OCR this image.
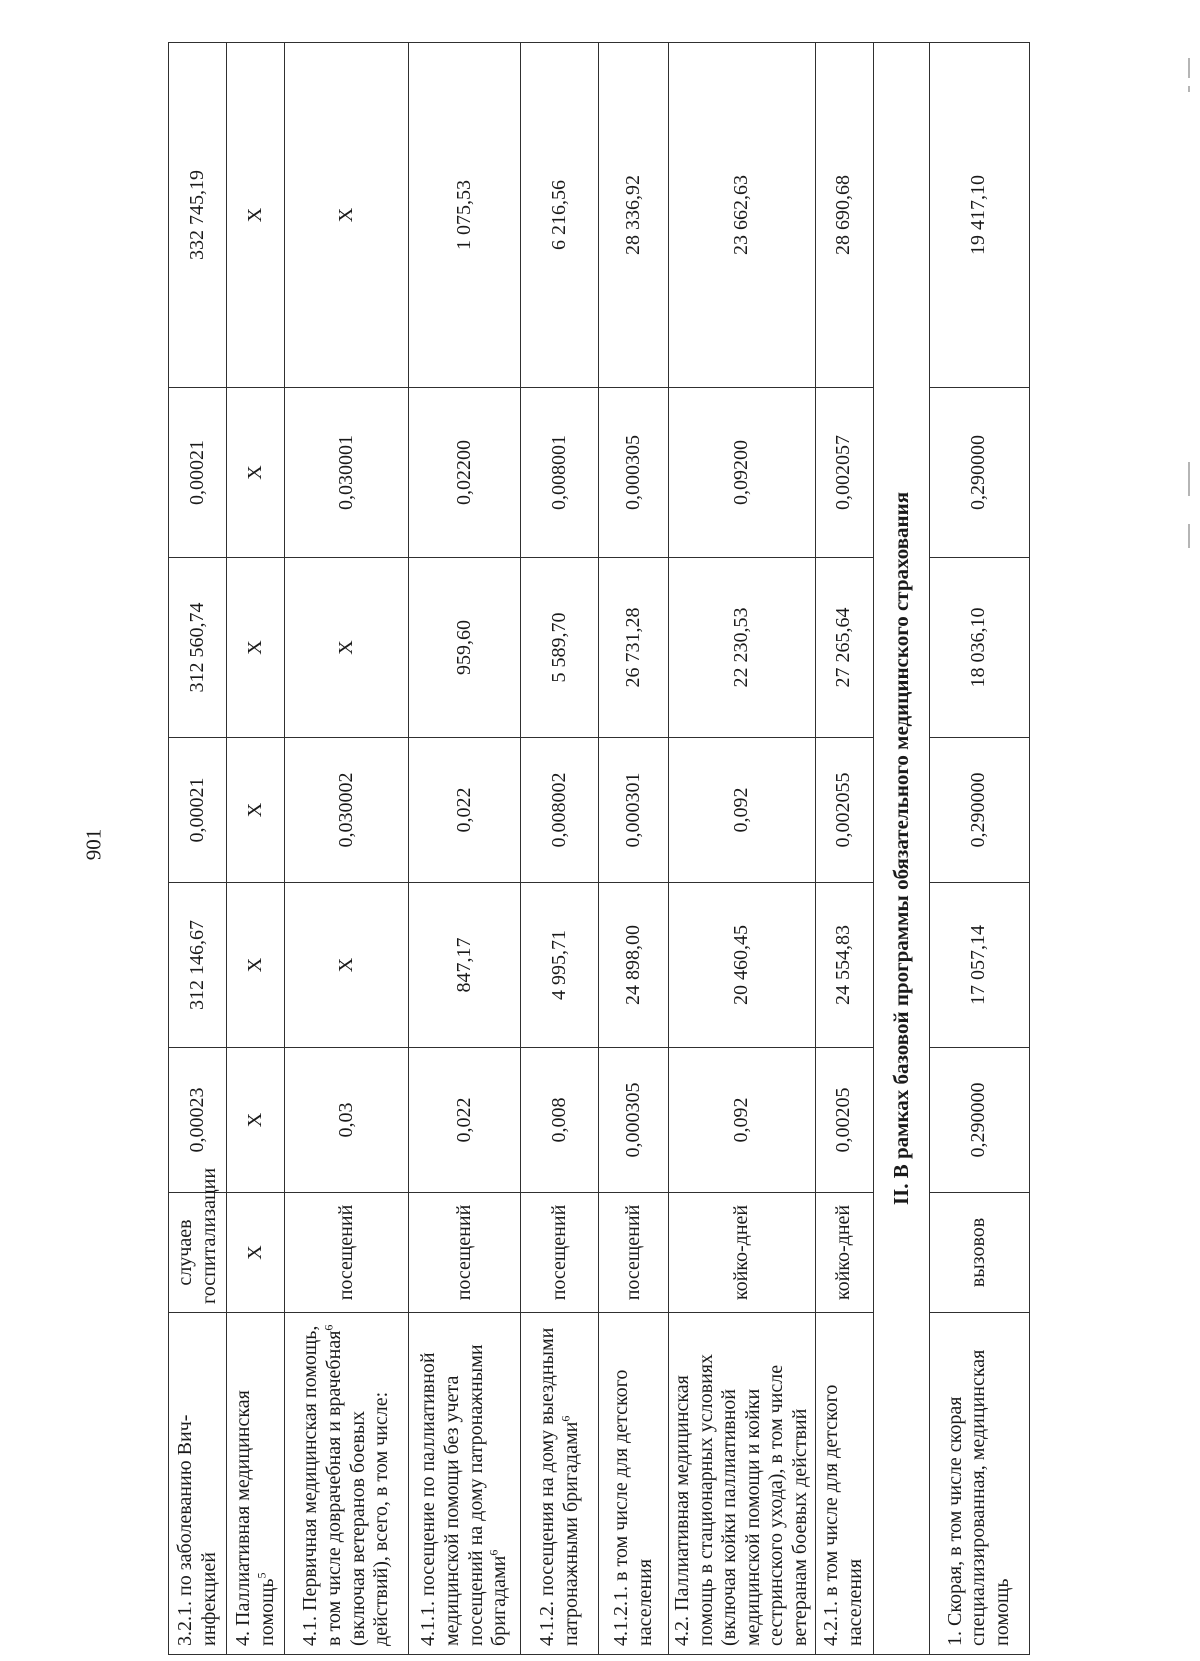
901
3.2.1. по заболеванию Вич-инфекцией	случаев госпитализации	0,00023	312 146,67	0,00021	312 560,74	0,00021	332 745,19
4. Паллиативная медицинская помощь$^5$	X	X	X	X	X	X	X
4.1. Первичная медицинская помощь, в том числе доврачебная и врачебная$^6$ (включая ветеранов боевых действий), всего, в том числе:	посещений	0,03	X	0,030002	X	0,030001	X
4.1.1. посещение по паллиативной медицинской помощи без учета посещений на дому патронажными бригадами$^6$	посещений	0,022	847,17	0,022	959,60	0,02200	1 075,53
4.1.2. посещения на дому выездными патронажными бригадами$^6$	посещений	0,008	4 995,71	0,008002	5 589,70	0,008001	6 216,56
4.1.2.1. в том числе для детского населения	посещений	0,000305	24 898,00	0,000301	26 731,28	0,000305	28 336,92
4.2. Паллиативная медицинская помощь в стационарных условиях (включая койки паллиативной медицинской помощи и койки сестринского ухода), в том числе ветеранам боевых действий	койко-дней	0,092	20 460,45	0,092	22 230,53	0,09200	23 662,63
4.2.1. в том числе для детского населения	койко-дней	0,00205	24 554,83	0,002055	27 265,64	0,002057	28 690,68
II. В рамках базовой программы обязательного медицинского страхования							
1. Скорая, в том числе скорая специализированная, медицинская помощь	вызовов	0,290000	17 057,14	0,290000	18 036,10	0,290000	19 417,10
